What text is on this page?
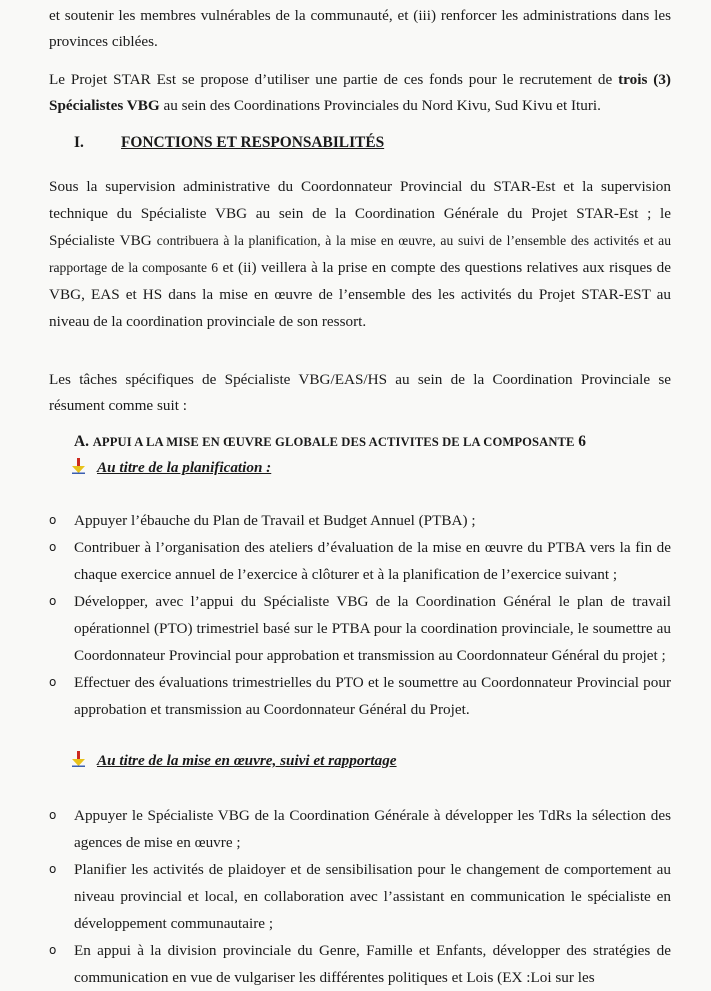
et soutenir les membres vulnérables de la communauté, et (iii) renforcer les administrations dans les provinces ciblées.

Le Projet STAR Est se propose d’utiliser une partie de ces fonds pour le recrutement de trois (3) Spécialistes VBG au sein des Coordinations Provinciales du Nord Kivu, Sud Kivu et Ituri.

I. FONCTIONS ET RESPONSABILITÉS

Sous la supervision administrative du Coordonnateur Provincial du STAR-Est et la supervision technique du Spécialiste VBG au sein de la Coordination Générale du Projet STAR-Est ; le Spécialiste VBG contribuera à la planification, à la mise en œuvre, au suivi de l’ensemble des activités et au rapportage de la composante 6 et (ii) veillera à la prise en compte des questions relatives aux risques de VBG, EAS et HS dans la mise en œuvre de l’ensemble des les activités du Projet STAR-EST au niveau de la coordination provinciale de son ressort.

Les tâches spécifiques de Spécialiste VBG/EAS/HS au sein de la Coordination Provinciale se résument comme suit :

A. APPUI A LA MISE EN ŒUVRE GLOBALE DES ACTIVITES DE LA COMPOSANTE 6
Au titre de la planification :
o Appuyer l’ébauche du Plan de Travail et Budget Annuel (PTBA) ;
o Contribuer à l’organisation des ateliers d’évaluation de la mise en œuvre du PTBA vers la fin de chaque exercice annuel de l’exercice à clôturer et à la planification de l’exercice suivant ;
o Développer, avec l’appui du Spécialiste VBG de la Coordination Général le plan de travail opérationnel (PTO) trimestriel basé sur le PTBA pour la coordination provinciale, le soumettre au Coordonnateur Provincial pour approbation et transmission au Coordonnateur Général du projet ;
o Effectuer des évaluations trimestrielles du PTO et le soumettre au Coordonnateur Provincial pour approbation et transmission au Coordonnateur Général du Projet.
Au titre de la mise en œuvre, suivi et rapportage
o Appuyer le Spécialiste VBG de la Coordination Générale à développer les TdRs la sélection des agences de mise en œuvre ;
o Planifier les activités de plaidoyer et de sensibilisation pour le changement de comportement au niveau provincial et local, en collaboration avec l’assistant en communication le spécialiste en développement communautaire ;
o En appui à la division provinciale du Genre, Famille et Enfants, développer des stratégies de communication en vue de vulgariser les différentes politiques et Lois (EX :Loi sur les
